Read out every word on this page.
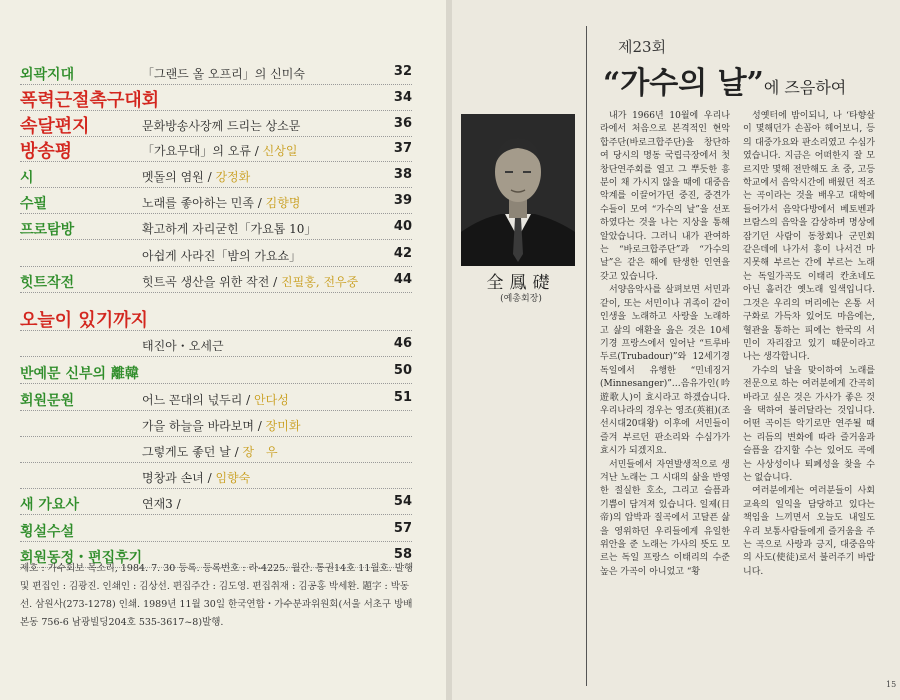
외곽지대	「그랜드 올 오프리」의 신미숙	32
폭력근절촉구대회	34
속달편지	문화방송사장께 드리는 상소문	36
방송평	「가요무대」의 오류 / 신상일	37
시	멧돌의 염원 / 강정화	38
수필	노래를 좋아하는 민족 / 김향명	39
프로탐방	확고하게 자리굳힌「가요톱 10」	40
아쉽게 사라진「밤의 가요쇼」	42
힛트작전	힛트곡 생산을 위한 작전 / 진필홍, 전우중	44
오늘이 있기까지
태진아・오세근	46
반예문 신부의 離韓	50
회원문원	어느 꼰대의 넋두리 / 안다성	51
가을 하늘을 바라보며 / 장미화
그렇게도 좋던 날 / 장　우
명창과 손녀 / 임향숙
새 가요사	연재3 /	54
횡설수설	57
회원동정・편집후기	58
제호 : 가수회보 목소리, 1984. 7. 30 등록. 등록번호 : 라-4225. 월간. 통권14호 11월호. 발행및 편집인 : 김광진. 인쇄인 : 김상선. 편집주간 : 김도영. 편집취재 : 김공홍 박세환. 題字 : 박동선. 삼원사(273-1278) 인쇄. 1989년 11월 30일 한국연합・가수분과위원회(서울 서초구 방배본동 756-6 남광빌딩204호 535-3617~8)발행.
제23회
“가수의 날”에 즈음하여
全鳳礎
(예총회장)

내가 1966년 10월에 우리나라에서 처음으로 본격적인 현악합주단(바로크합주단)을 창단하여 당시의 명동 국립극장에서 첫 창단연주회를 열고 그 뿌듯한 흥분이 채 가시지 않을 때에 대중음악계를 이끌어가던 중진, 중견가수들이 모여 “가수의 날”을 선포하였다는 것을 나는 지상을 통해 알았습니다. 그러니 내가 관여하는 “바로크합주단”과 “가수의 날”은 같은 해에 탄생한 인연을 갖고 있습니다.

서양음악사를 살펴보면 서민과 같이, 또는 서민이나 귀족이 같이 인생을 노래하고 사랑을 노래하고 삶의 애환을 읊은 것은 10세기경 프랑스에서 일어난 “트루바두르(Trubadour)”와 12세기경 독일에서 유행한 “민네징거(Minnesanger)”…음유가인(吟遊歌人)이 효시라고 하겠습니다. 우리나라의 경우는 영조(英祖)(조선시대20대왕) 이후에 서민들이 즐겨 부르던 판소리와 수심가가 효시가 되겠지요.

서민들에서 자연발생적으로 생겨난 노래는 그 시대의 삶을 반영한 절실한 호소, 그리고 슬픔과 기쁨이 담겨져 있습니다. 일제(日帝)의 압박과 질곡에서 고달픈 삶을 영위하던 우리들에게 유일한 위안을 준 노래는 가사의 뜻도 모르는 독일 프랑스 이태리의 수준높은 가곡이 아니었고 “황

성옛터에 밤이되니, 나 ‘타향살이 몇해던가 손꼽아 헤어보니, 등의 대중가요와 판소리였고 수심가였습니다. 지금은 어떠한지 잘 모르지만 몇해 전만해도 초 중, 고등학교에서 음악시간에 배웠던 적조는 곡이라는 것을 배우고 대학에 들어가서 음악다방에서 베토벤과 브람스의 음악을 감상하며 명상에 잠기던 사람이 동창회나 군민회 같은데에 나가서 흥이 나서건 마지못해 부르는 간에 부르는 노래는 독일가곡도 이태리 칸초네도 아닌 흘러간 옛노래 일색입니다. 그것은 우리의 머리에는 온통 서구화로 가득차 있어도 마음에는, 혈관을 통하는 피에는 한국의 서민이 자리잡고 있기 때문이라고 나는 생각합니다.

가수의 날을 맞이하여 노래를 전문으로 하는 여러분에게 간곡히 바라고 싶은 것은 가사가 좋은 것을 택하여 불러달라는 것입니다. 어떤 곡이든 악기로만 연주될 때는 리듬의 변화에 따라 즐거움과 슬픔을 감지할 수는 있어도 곡에는 사상성이나 퇴폐성을 찾을 수는 없습니다.

여러분에게는 여러분들이 사회교육의 일익을 담당하고 있다는 책임을 느끼면서 오늘도 내일도 우리 보통사람들에게 즐거움을 주는 곡으로 사랑과 긍지, 대중음악의 사도(使徒)로서 불러주기 바랍니다.

15
